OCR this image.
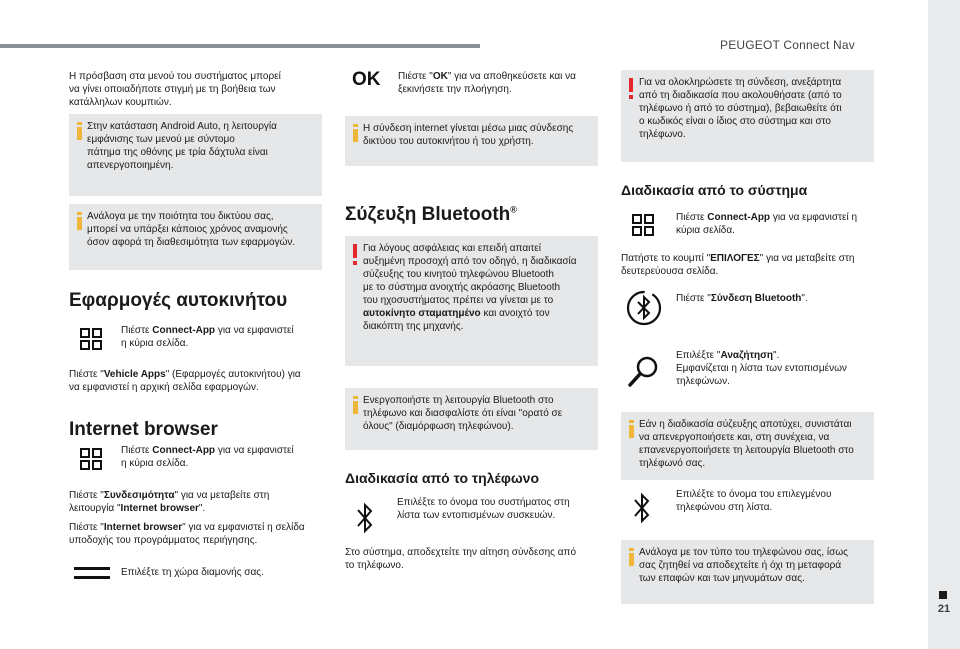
PEUGEOT Connect Nav
21

Η πρόσβαση στα μενού του συστήματος μπορεί
να γίνει οποιαδήποτε στιγμή με τη βοήθεια των
κατάλληλων κουμπιών.

Στην κατάσταση Android Auto, η λειτουργία
εμφάνισης των μενού με σύντομο
πάτημα της οθόνης με τρία δάχτυλα είναι
απενεργοποιημένη.
Ανάλογα με την ποιότητα του δικτύου σας,
μπορεί να υπάρξει κάποιος χρόνος αναμονής
όσον αφορά τη διαθεσιμότητα των εφαρμογών.
Εφαρμογές αυτοκινήτου

Πιέστε Connect-App για να εμφανιστεί
η κύρια σελίδα.

Πιέστε "Vehicle Apps" (Εφαρμογές αυτοκινήτου) για
να εμφανιστεί η αρχική σελίδα εφαρμογών.

Internet browser

Πιέστε Connect-App για να εμφανιστεί
η κύρια σελίδα.

Πιέστε "Συνδεσιμότητα" για να μεταβείτε στη
λειτουργία "Internet browser".

Πιέστε "Internet browser" για να εμφανιστεί η σελίδα
υποδοχής του προγράμματος περιήγησης.

Επιλέξτε τη χώρα διαμονής σας.

OK Πιέστε "OK" για να αποθηκεύσετε και να
ξεκινήσετε την πλοήγηση.

Η σύνδεση internet γίνεται μέσω μιας σύνδεσης
δικτύου του αυτοκινήτου ή του χρήστη.
Σύζευξη Bluetooth®
Για λόγους ασφάλειας και επειδή απαιτεί
αυξημένη προσοχή από τον οδηγό, η διαδικασία
σύζευξης του κινητού τηλεφώνου Bluetooth
με το σύστημα ανοιχτής ακρόασης Bluetooth
του ηχοσυστήματος πρέπει να γίνεται με το
αυτοκίνητο σταματημένο και ανοιχτό τον
διακόπτη της μηχανής.
Ενεργοποιήστε τη λειτουργία Bluetooth στο
τηλέφωνο και διασφαλίστε ότι είναι "ορατό σε
όλους" (διαμόρφωση τηλεφώνου).
Διαδικασία από το τηλέφωνο

Επιλέξτε το όνομα του συστήματος στη
λίστα των εντοπισμένων συσκευών.

Στο σύστημα, αποδεχτείτε την αίτηση σύνδεσης από
το τηλέφωνο.

Για να ολοκληρώσετε τη σύνδεση, ανεξάρτητα
από τη διαδικασία που ακολουθήσατε (από το
τηλέφωνο ή από το σύστημα), βεβαιωθείτε ότι
ο κωδικός είναι ο ίδιος στο σύστημα και στο
τηλέφωνο.
Διαδικασία από το σύστημα

Πιέστε Connect-App για να εμφανιστεί η
κύρια σελίδα.

Πατήστε το κουμπί "ΕΠΙΛΟΓΕΣ" για να μεταβείτε στη
δευτερεύουσα σελίδα.

Πιέστε "Σύνδεση Bluetooth".

Επιλέξτε "Αναζήτηση".
Εμφανίζεται η λίστα των εντοπισμένων
τηλεφώνων.

Εάν η διαδικασία σύζευξης αποτύχει, συνιστάται
να απενεργοποιήσετε και, στη συνέχεια, να
επανενεργοποιήσετε τη λειτουργία Bluetooth στο
τηλέφωνό σας.

Επιλέξτε το όνομα του επιλεγμένου
τηλεφώνου στη λίστα.

Ανάλογα με τον τύπο του τηλεφώνου σας, ίσως
σας ζητηθεί να αποδεχτείτε ή όχι τη μεταφορά
των επαφών και των μηνυμάτων σας.
